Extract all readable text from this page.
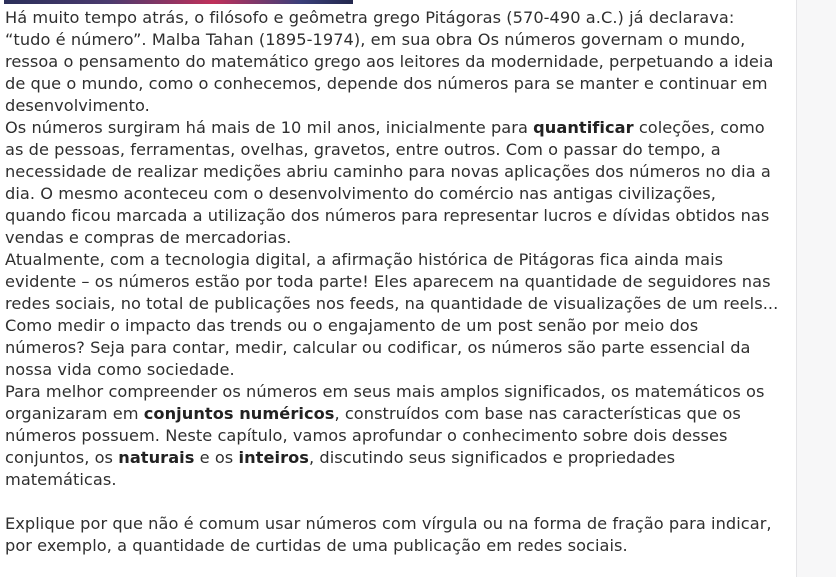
Há muito tempo atrás, o filósofo e geômetra grego Pitágoras (570-490 a.C.) já declarava: “tudo é número”. Malba Tahan (1895-1974), em sua obra Os números governam o mundo, ressoa o pensamento do matemático grego aos leitores da modernidade, perpetuando a ideia de que o mundo, como o conhecemos, depende dos números para se manter e continuar em desenvolvimento.

Os números surgiram há mais de 10 mil anos, inicialmente para quantificar coleções, como as de pessoas, ferramentas, ovelhas, gravetos, entre outros. Com o passar do tempo, a necessidade de realizar medições abriu caminho para novas aplicações dos números no dia a dia. O mesmo aconteceu com o desenvolvimento do comércio nas antigas civilizações, quando ficou marcada a utilização dos números para representar lucros e dívidas obtidos nas vendas e compras de mercadorias.

Atualmente, com a tecnologia digital, a afirmação histórica de Pitágoras fica ainda mais evidente – os números estão por toda parte! Eles aparecem na quantidade de seguidores nas redes sociais, no total de publicações nos feeds, na quantidade de visualizações de um reels... Como medir o impacto das trends ou o engajamento de um post senão por meio dos números? Seja para contar, medir, calcular ou codificar, os números são parte essencial da nossa vida como sociedade.

Para melhor compreender os números em seus mais amplos significados, os matemáticos os organizaram em conjuntos numéricos, construídos com base nas características que os números possuem. Neste capítulo, vamos aprofundar o conhecimento sobre dois desses conjuntos, os naturais e os inteiros, discutindo seus significados e propriedades matemáticas.

Explique por que não é comum usar números com vírgula ou na forma de fração para indicar, por exemplo, a quantidade de curtidas de uma publicação em redes sociais.
